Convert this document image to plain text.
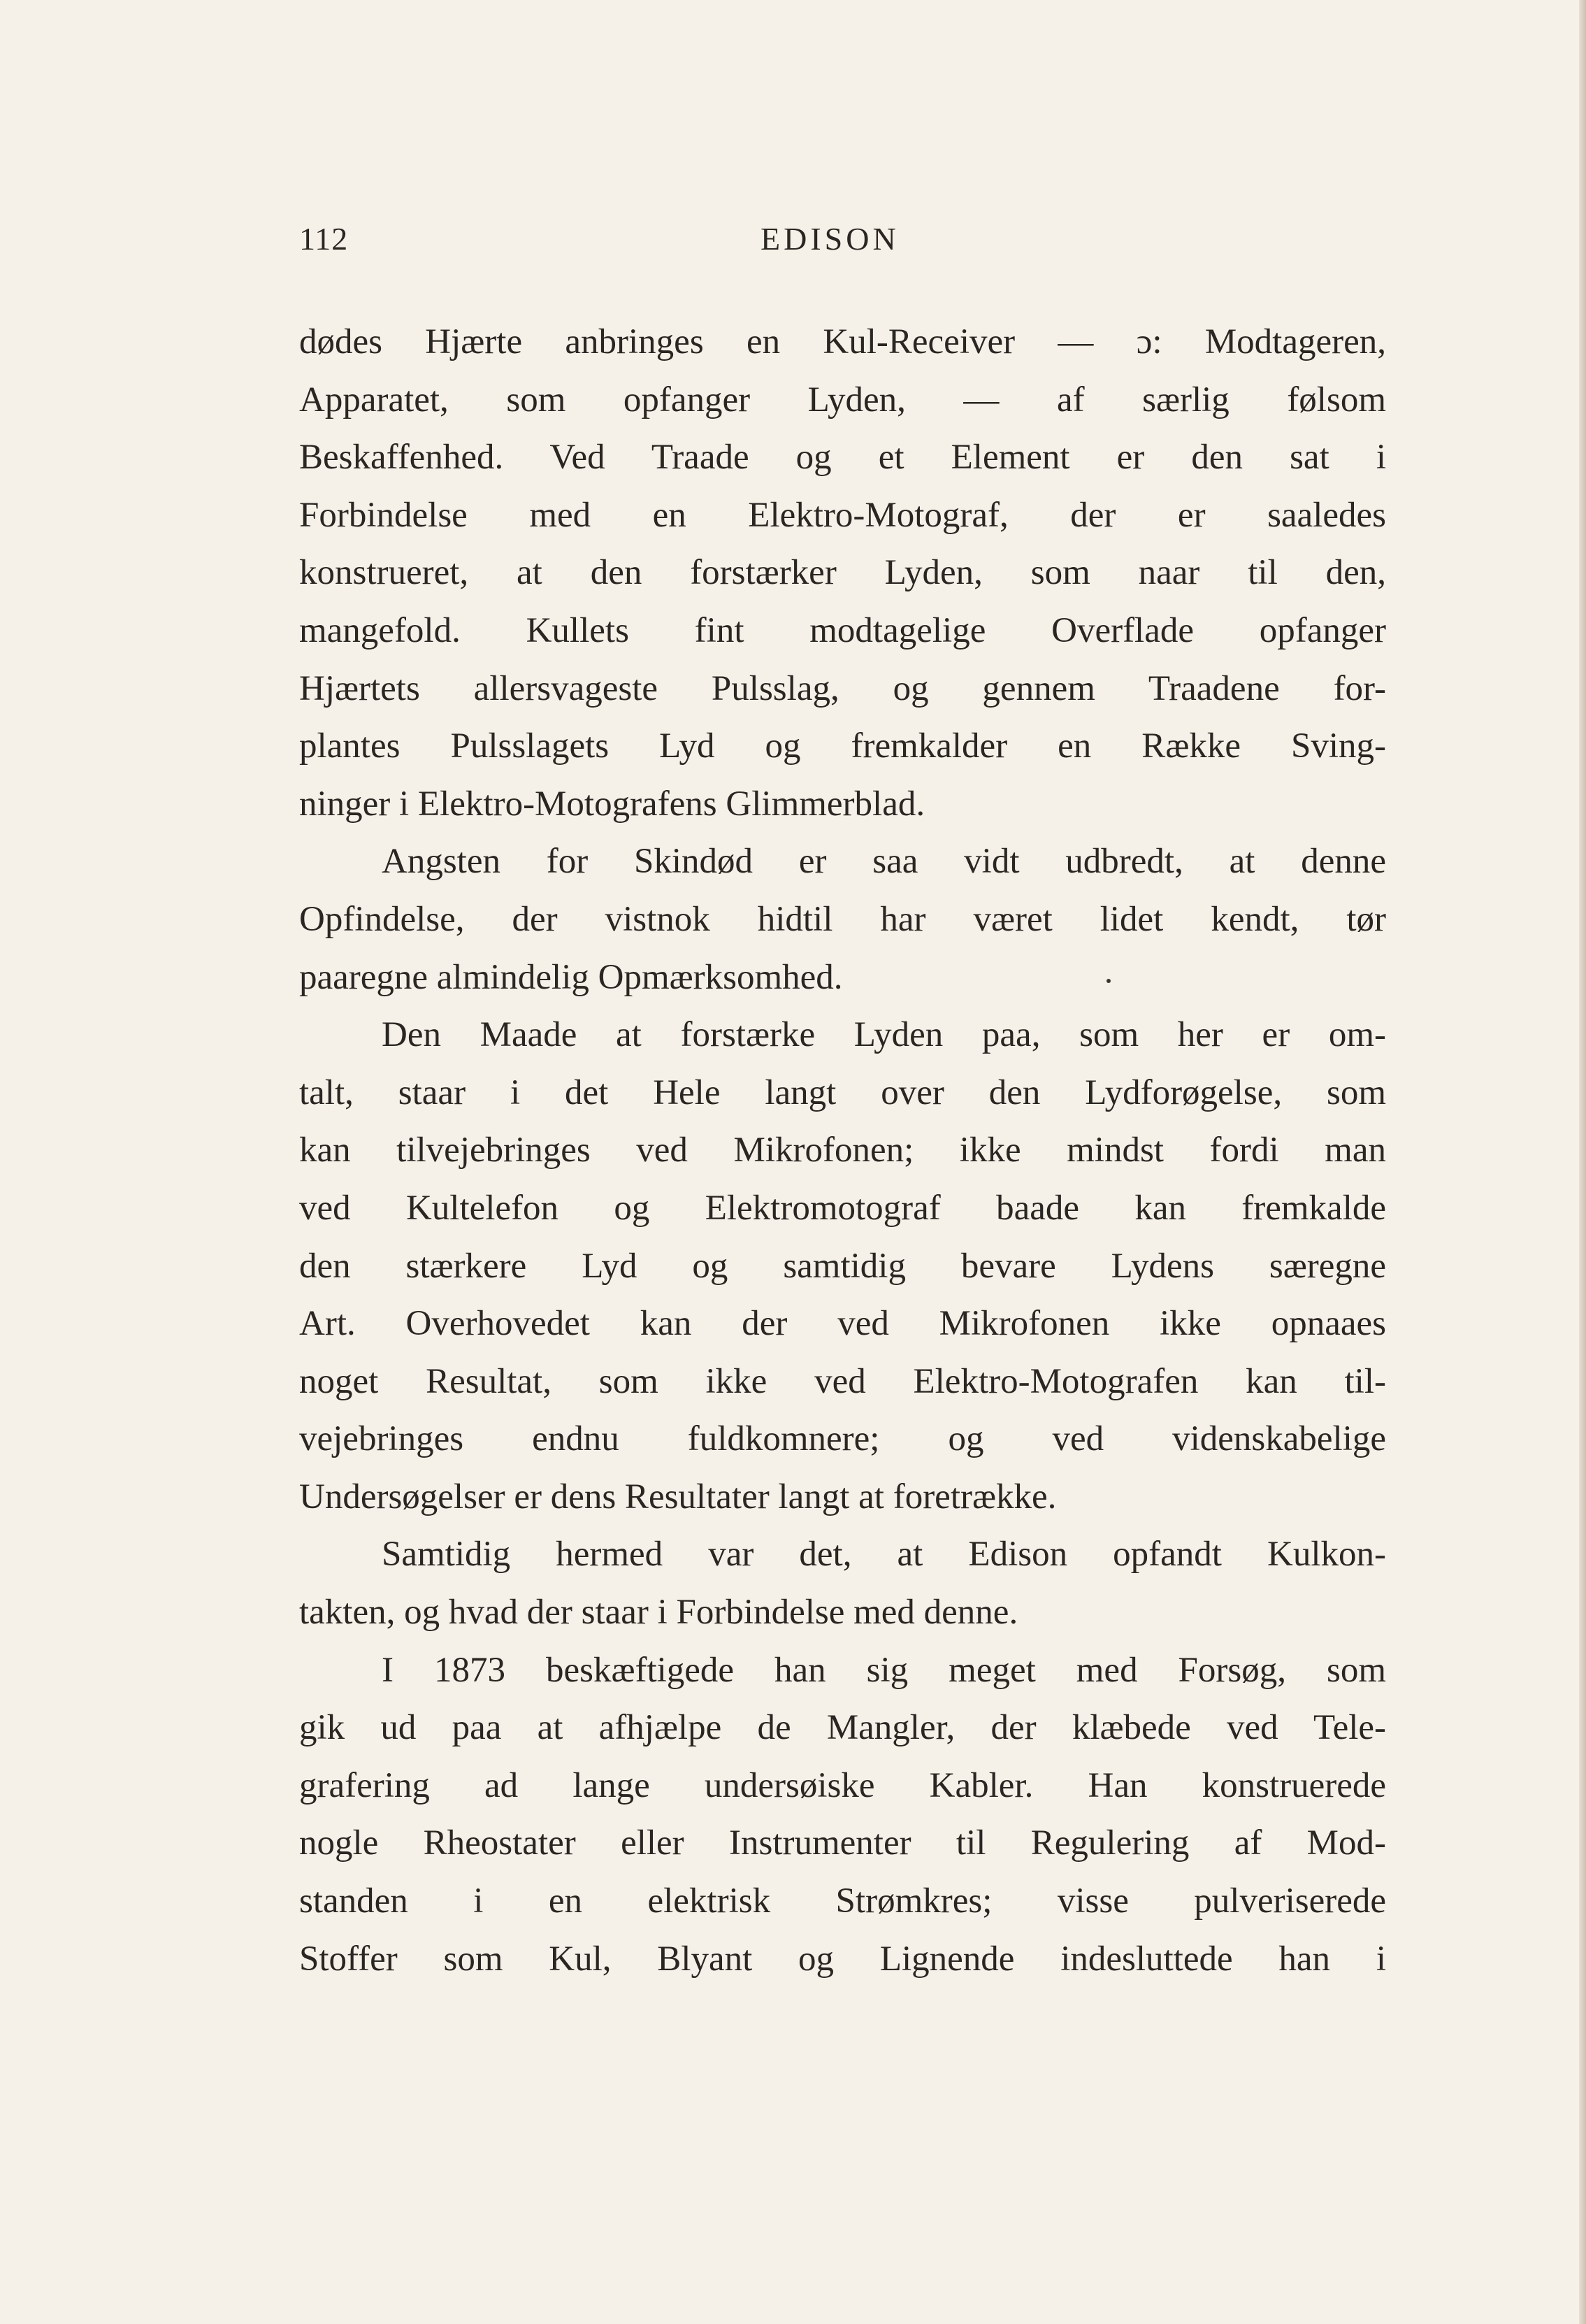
112	EDISON
dødes Hjærte anbringes en Kul-Receiver — ɔ: Modtageren,
Apparatet, som opfanger Lyden, — af særlig følsom
Beskaffenhed. Ved Traade og et Element er den sat i
Forbindelse med en Elektro-Motograf, der er saaledes
konstrueret, at den forstærker Lyden, som naar til den,
mangefold. Kullets fint modtagelige Overflade opfanger
Hjærtets allersvageste Pulsslag, og gennem Traadene for-
plantes Pulsslagets Lyd og fremkalder en Række Sving-
ninger i Elektro-Motografens Glimmerblad.
Angsten for Skindød er saa vidt udbredt, at denne
Opfindelse, der vistnok hidtil har været lidet kendt, tør
paaregne almindelig Opmærksomhed.
Den Maade at forstærke Lyden paa, som her er om-
talt, staar i det Hele langt over den Lydforøgelse, som
kan tilvejebringes ved Mikrofonen; ikke mindst fordi man
ved Kultelefon og Elektromotograf baade kan fremkalde
den stærkere Lyd og samtidig bevare Lydens særegne
Art. Overhovedet kan der ved Mikrofonen ikke opnaaes
noget Resultat, som ikke ved Elektro-Motografen kan til-
vejebringes endnu fuldkomnere; og ved videnskabelige
Undersøgelser er dens Resultater langt at foretrække.
Samtidig hermed var det, at Edison opfandt Kulkon-
takten, og hvad der staar i Forbindelse med denne.
I 1873 beskæftigede han sig meget med Forsøg, som
gik ud paa at afhjælpe de Mangler, der klæbede ved Tele-
grafering ad lange undersøiske Kabler. Han konstruerede
nogle Rheostater eller Instrumenter til Regulering af Mod-
standen i en elektrisk Strømkres; visse pulveriserede
Stoffer som Kul, Blyant og Lignende indesluttede han i
